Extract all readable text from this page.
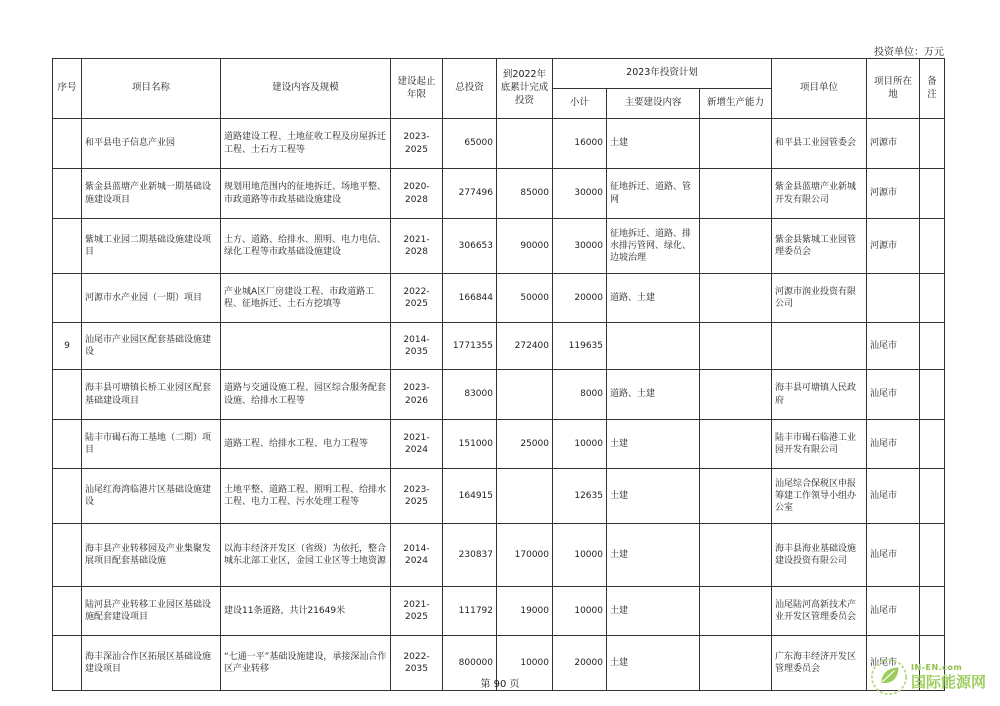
投资单位：万元
序号	项目名称	建设内容及规模	建设起止年限	总投资	到2022年底累计完成投资	2023年投资计划			项目单位	项目所在地	备注
						小计	主要建设内容	新增生产能力			
	和平县电子信息产业园	道路建设工程、土地征收工程及房屋拆迁工程、土石方工程等	2023-2025	65000		16000	土建		和平县工业园管委会	河源市	
	紫金县蓝塘产业新城一期基础设施建设项目	规划用地范围内的征地拆迁、场地平整、市政道路等市政基础设施建设	2020-2028	277496	85000	30000	征地拆迁、道路、管网		紫金县蓝塘产业新城开发有限公司	河源市	
	紫城工业园二期基础设施建设项目	土方、道路、给排水、照明、电力电信、绿化工程等市政基础设施建设	2021-2028	306653	90000	30000	征地拆迁、道路、排水排污管网、绿化、边坡治理		紫金县紫城工业园管理委员会	河源市	
	河源市水产业园（一期）项目	产业城A区厂房建设工程、市政道路工程、征地拆迁、土石方挖填等	2022-2025	166844	50000	20000	道路、土建		河源市润业投资有限公司		
9	汕尾市产业园区配套基础设施建设		2014-2035	1771355	272400	119635				汕尾市	
	海丰县可塘镇长桥工业园区配套基础建设项目	道路与交通设施工程、园区综合服务配套设施、给排水工程等	2023-2026	83000		8000	道路、土建		海丰县可塘镇人民政府	汕尾市	
	陆丰市碣石海工基地（二期）项目	道路工程、给排水工程、电力工程等	2021-2024	151000	25000	10000	土建		陆丰市碣石临港工业园开发有限公司	汕尾市	
	汕尾红海湾临港片区基础设施建设	土地平整、道路工程、照明工程、给排水工程、电力工程、污水处理工程等	2023-2025	164915		12635	土建		汕尾综合保税区申报筹建工作领导小组办公室	汕尾市	
	海丰县产业转移园及产业集聚发展项目配套基础设施	以海丰经济开发区（省级）为依托，整合城东北部工业区，金园工业区等土地资源	2014-2024	230837	170000	10000	土建		海丰县海业基础设施建设投资有限公司	汕尾市	
	陆河县产业转移工业园区基础设施配套建设项目	建设11条道路，共计21649米	2021-2025	111792	19000	10000	土建		汕尾陆河高新技术产业开发区管理委员会	汕尾市	
	海丰深汕合作区拓展区基础设施建设项目	“七通一平”基础设施建设，承接深汕合作区产业转移	2022-2035	800000	10000	20000	土建		广东海丰经济开发区管理委员会	汕尾市	
第 90 页
IN-EN.com
国际能源网
